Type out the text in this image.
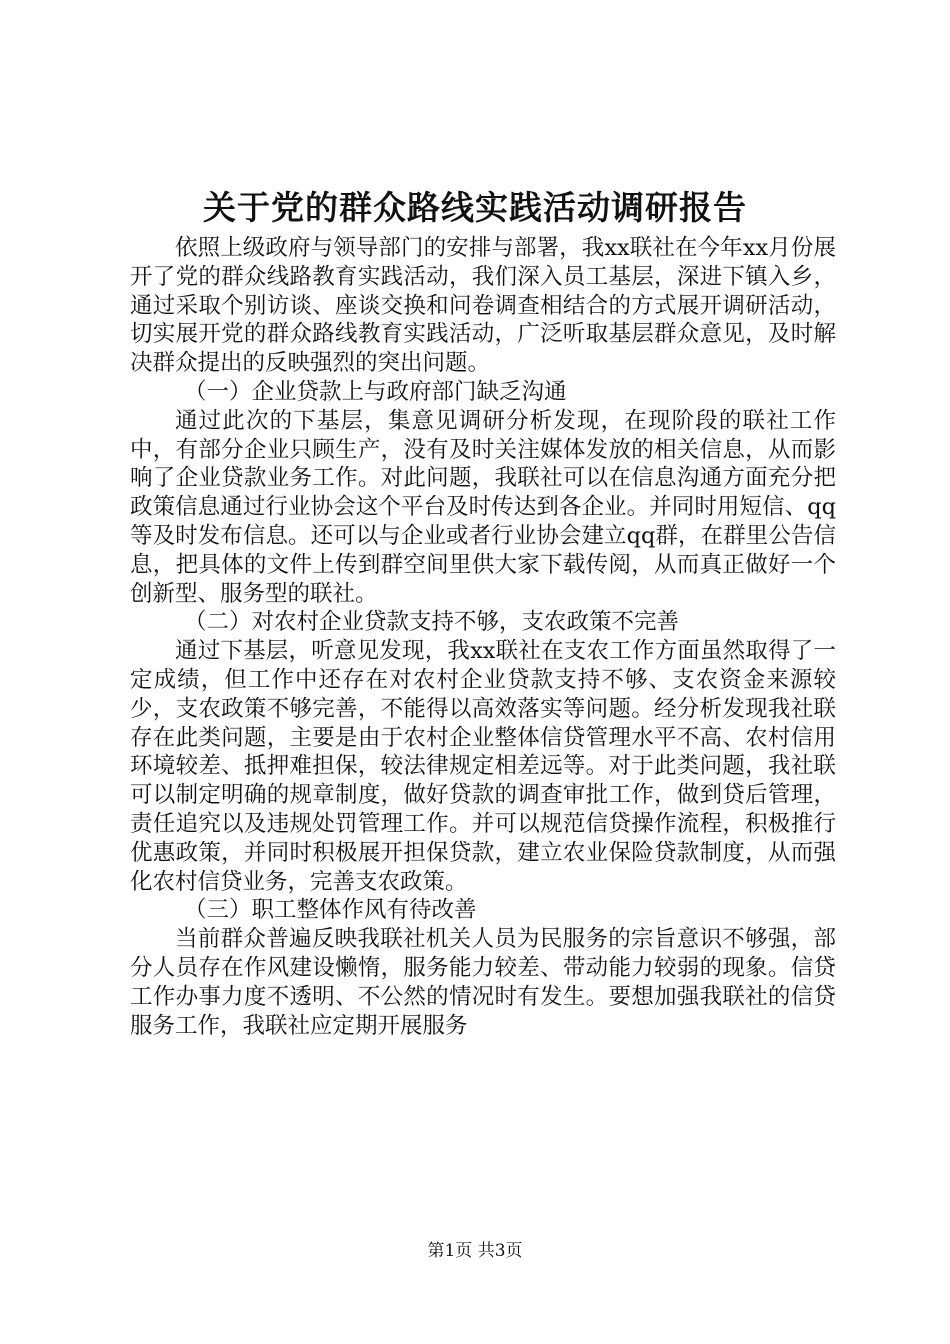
关于党的群众路线实践活动调研报告

依照上级政府与领导部门的安排与部署，我xx联社在今年xx月份展开了党的群众线路教育实践活动，我们深入员工基层，深进下镇入乡，通过采取个别访谈、座谈交换和问卷调查相结合的方式展开调研活动，切实展开党的群众路线教育实践活动，广泛听取基层群众意见，及时解决群众提出的反映强烈的突出问题。

（一）企业贷款上与政府部门缺乏沟通

通过此次的下基层，集意见调研分析发现，在现阶段的联社工作中，有部分企业只顾生产，没有及时关注媒体发放的相关信息，从而影响了企业贷款业务工作。对此问题，我联社可以在信息沟通方面充分把政策信息通过行业协会这个平台及时传达到各企业。并同时用短信、qq等及时发布信息。还可以与企业或者行业协会建立qq群，在群里公告信息，把具体的文件上传到群空间里供大家下载传阅，从而真正做好一个创新型、服务型的联社。

（二）对农村企业贷款支持不够，支农政策不完善

通过下基层，听意见发现，我xx联社在支农工作方面虽然取得了一定成绩，但工作中还存在对农村企业贷款支持不够、支农资金来源较少，支农政策不够完善，不能得以高效落实等问题。经分析发现我社联存在此类问题，主要是由于农村企业整体信贷管理水平不高、农村信用环境较差、抵押难担保，较法律规定相差远等。对于此类问题，我社联可以制定明确的规章制度，做好贷款的调查审批工作，做到贷后管理，责任追究以及违规处罚管理工作。并可以规范信贷操作流程，积极推行优惠政策，并同时积极展开担保贷款，建立农业保险贷款制度，从而强化农村信贷业务，完善支农政策。

（三）职工整体作风有待改善

当前群众普遍反映我联社机关人员为民服务的宗旨意识不够强，部分人员存在作风建设懒惰，服务能力较差、带动能力较弱的现象。信贷工作办事力度不透明、不公然的情况时有发生。要想加强我联社的信贷服务工作，我联社应定期开展服务

第1页 共3页
